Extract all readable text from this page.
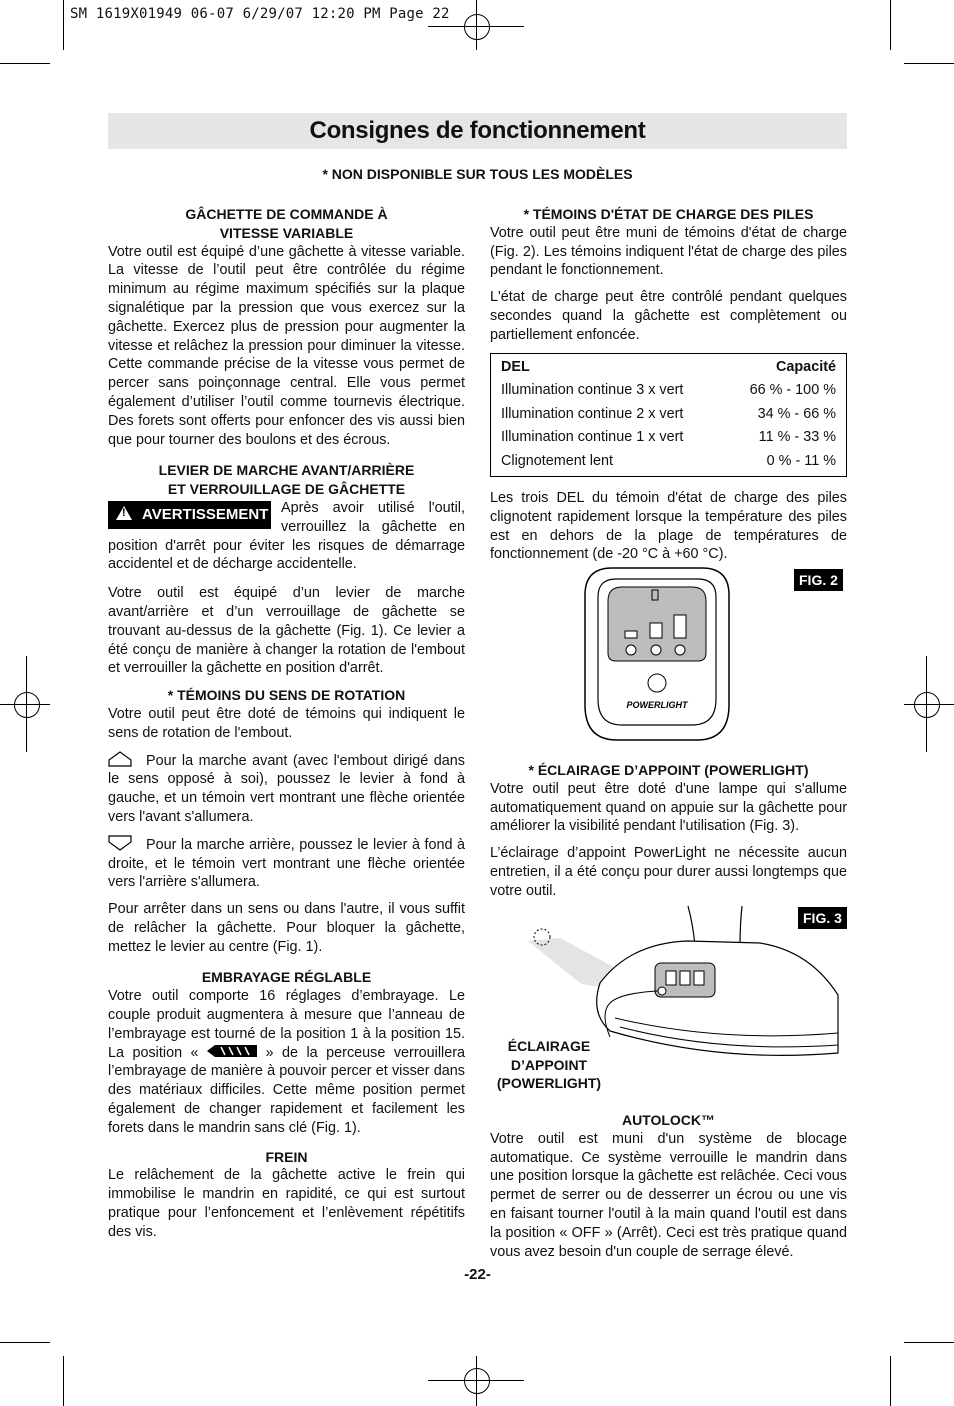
SM 1619X01949 06-07 6/29/07 12:20 PM Page 22
Consignes de fonctionnement
* NON DISPONIBLE SUR TOUS LES MODÈLES
GÂCHETTE DE COMMANDE À
VITESSE VARIABLE

Votre outil est équipé d’une gâchette à vitesse variable. La vitesse de l’outil peut être contrôlée du régime minimum au régime maximum spécifiés sur la plaque signalétique par la pression que vous exercez sur la gâchette. Exercez plus de pression pour augmenter la vitesse et relâchez la pression pour diminuer la vitesse. Cette commande précise de la vitesse vous permet de percer sans poinçonnage central. Elle vous permet également d’utiliser l’outil comme tournevis électrique. Des forets sont offerts pour enfoncer des vis aussi bien que pour tourner des boulons et des écrous.

LEVIER DE MARCHE AVANT/ARRIÈRE
ET VERROUILLAGE DE GÂCHETTE

! AVERTISSEMENT Après avoir utilisé l'outil, verrouillez la gâchette en position d'arrêt pour éviter les risques de démarrage accidentel et de décharge accidentelle.

Votre outil est équipé d’un levier de marche avant/arrière et d’un verrouillage de gâchette se trouvant au-dessus de la gâchette (Fig. 1). Ce levier a été conçu de manière à changer la rotation de l'embout et verrouiller la gâchette en position d'arrêt.

* TÉMOINS DU SENS DE ROTATION

Votre outil peut être doté de témoins qui indiquent le sens de rotation de l'embout.

Pour la marche avant (avec l'embout dirigé dans le sens opposé à soi), poussez le levier à fond à gauche, et un témoin vert montrant une flèche orientée vers l'avant s'allumera.

Pour la marche arrière, poussez le levier à fond à droite, et le témoin vert montrant une flèche orientée vers l'arrière s'allumera.

Pour arrêter dans un sens ou dans l'autre, il vous suffit de relâcher la gâchette. Pour bloquer la gâchette, mettez le levier au centre (Fig. 1).

EMBRAYAGE RÉGLABLE

Votre outil comporte 16 réglages d’embrayage. Le couple produit augmentera à mesure que l’anneau de l’embrayage est tourné de la position 1 à la position 15. La position «	» de la perceuse verrouillera l’embrayage de manière à pouvoir percer et visser dans des matériaux difficiles. Cette même position permet également de changer rapidement et facilement les forets dans le mandrin sans clé (Fig. 1).

FREIN

Le relâchement de la gâchette active le frein qui immobilise le mandrin en rapidité, ce qui est surtout pratique pour l’enfoncement et l’enlèvement répétitifs des vis.

* TÉMOINS D'ÉTAT DE CHARGE DES PILES

Votre outil peut être muni de témoins d'état de charge (Fig. 2). Les témoins indiquent l'état de charge des piles pendant le fonctionnement.

L'état de charge peut être contrôlé pendant quelques secondes quand la gâchette est complètement ou partiellement enfoncée.

DEL	Capacité
Illumination continue 3 x vert	66 % - 100 %
Illumination continue 2 x vert	34 % - 66 %
Illumination continue 1 x vert	11 % - 33 %
Clignotement lent	0 % - 11 %

Les trois DEL du témoin d'état de charge des piles clignotent rapidement lorsque la température des piles est en dehors de la plage de températures de fonctionnement (de -20 °C à +60 °C).

FIG. 2
POWERLIGHT
* ÉCLAIRAGE D’APPOINT (POWERLIGHT)

Votre outil peut être doté d'une lampe qui s'allume automatiquement quand on appuie sur la gâchette pour améliorer la visibilité pendant l'utilisation (Fig. 3).

L’éclairage d’appoint PowerLight ne nécessite aucun entretien, il a été conçu pour durer aussi longtemps que votre outil.

FIG. 3
ÉCLAIRAGE
D’APPOINT
(POWERLIGHT)
AUTOLOCK™

Votre outil est muni d'un système de blocage automatique. Ce système verrouille le mandrin dans une position lorsque la gâchette est relâchée. Ceci vous permet de serrer ou de desserrer un écrou ou une vis en faisant tourner l'outil à la main quand l'outil est dans la position « OFF » (Arrêt). Ceci est très pratique quand vous avez besoin d'un couple de serrage élevé.

-22-
